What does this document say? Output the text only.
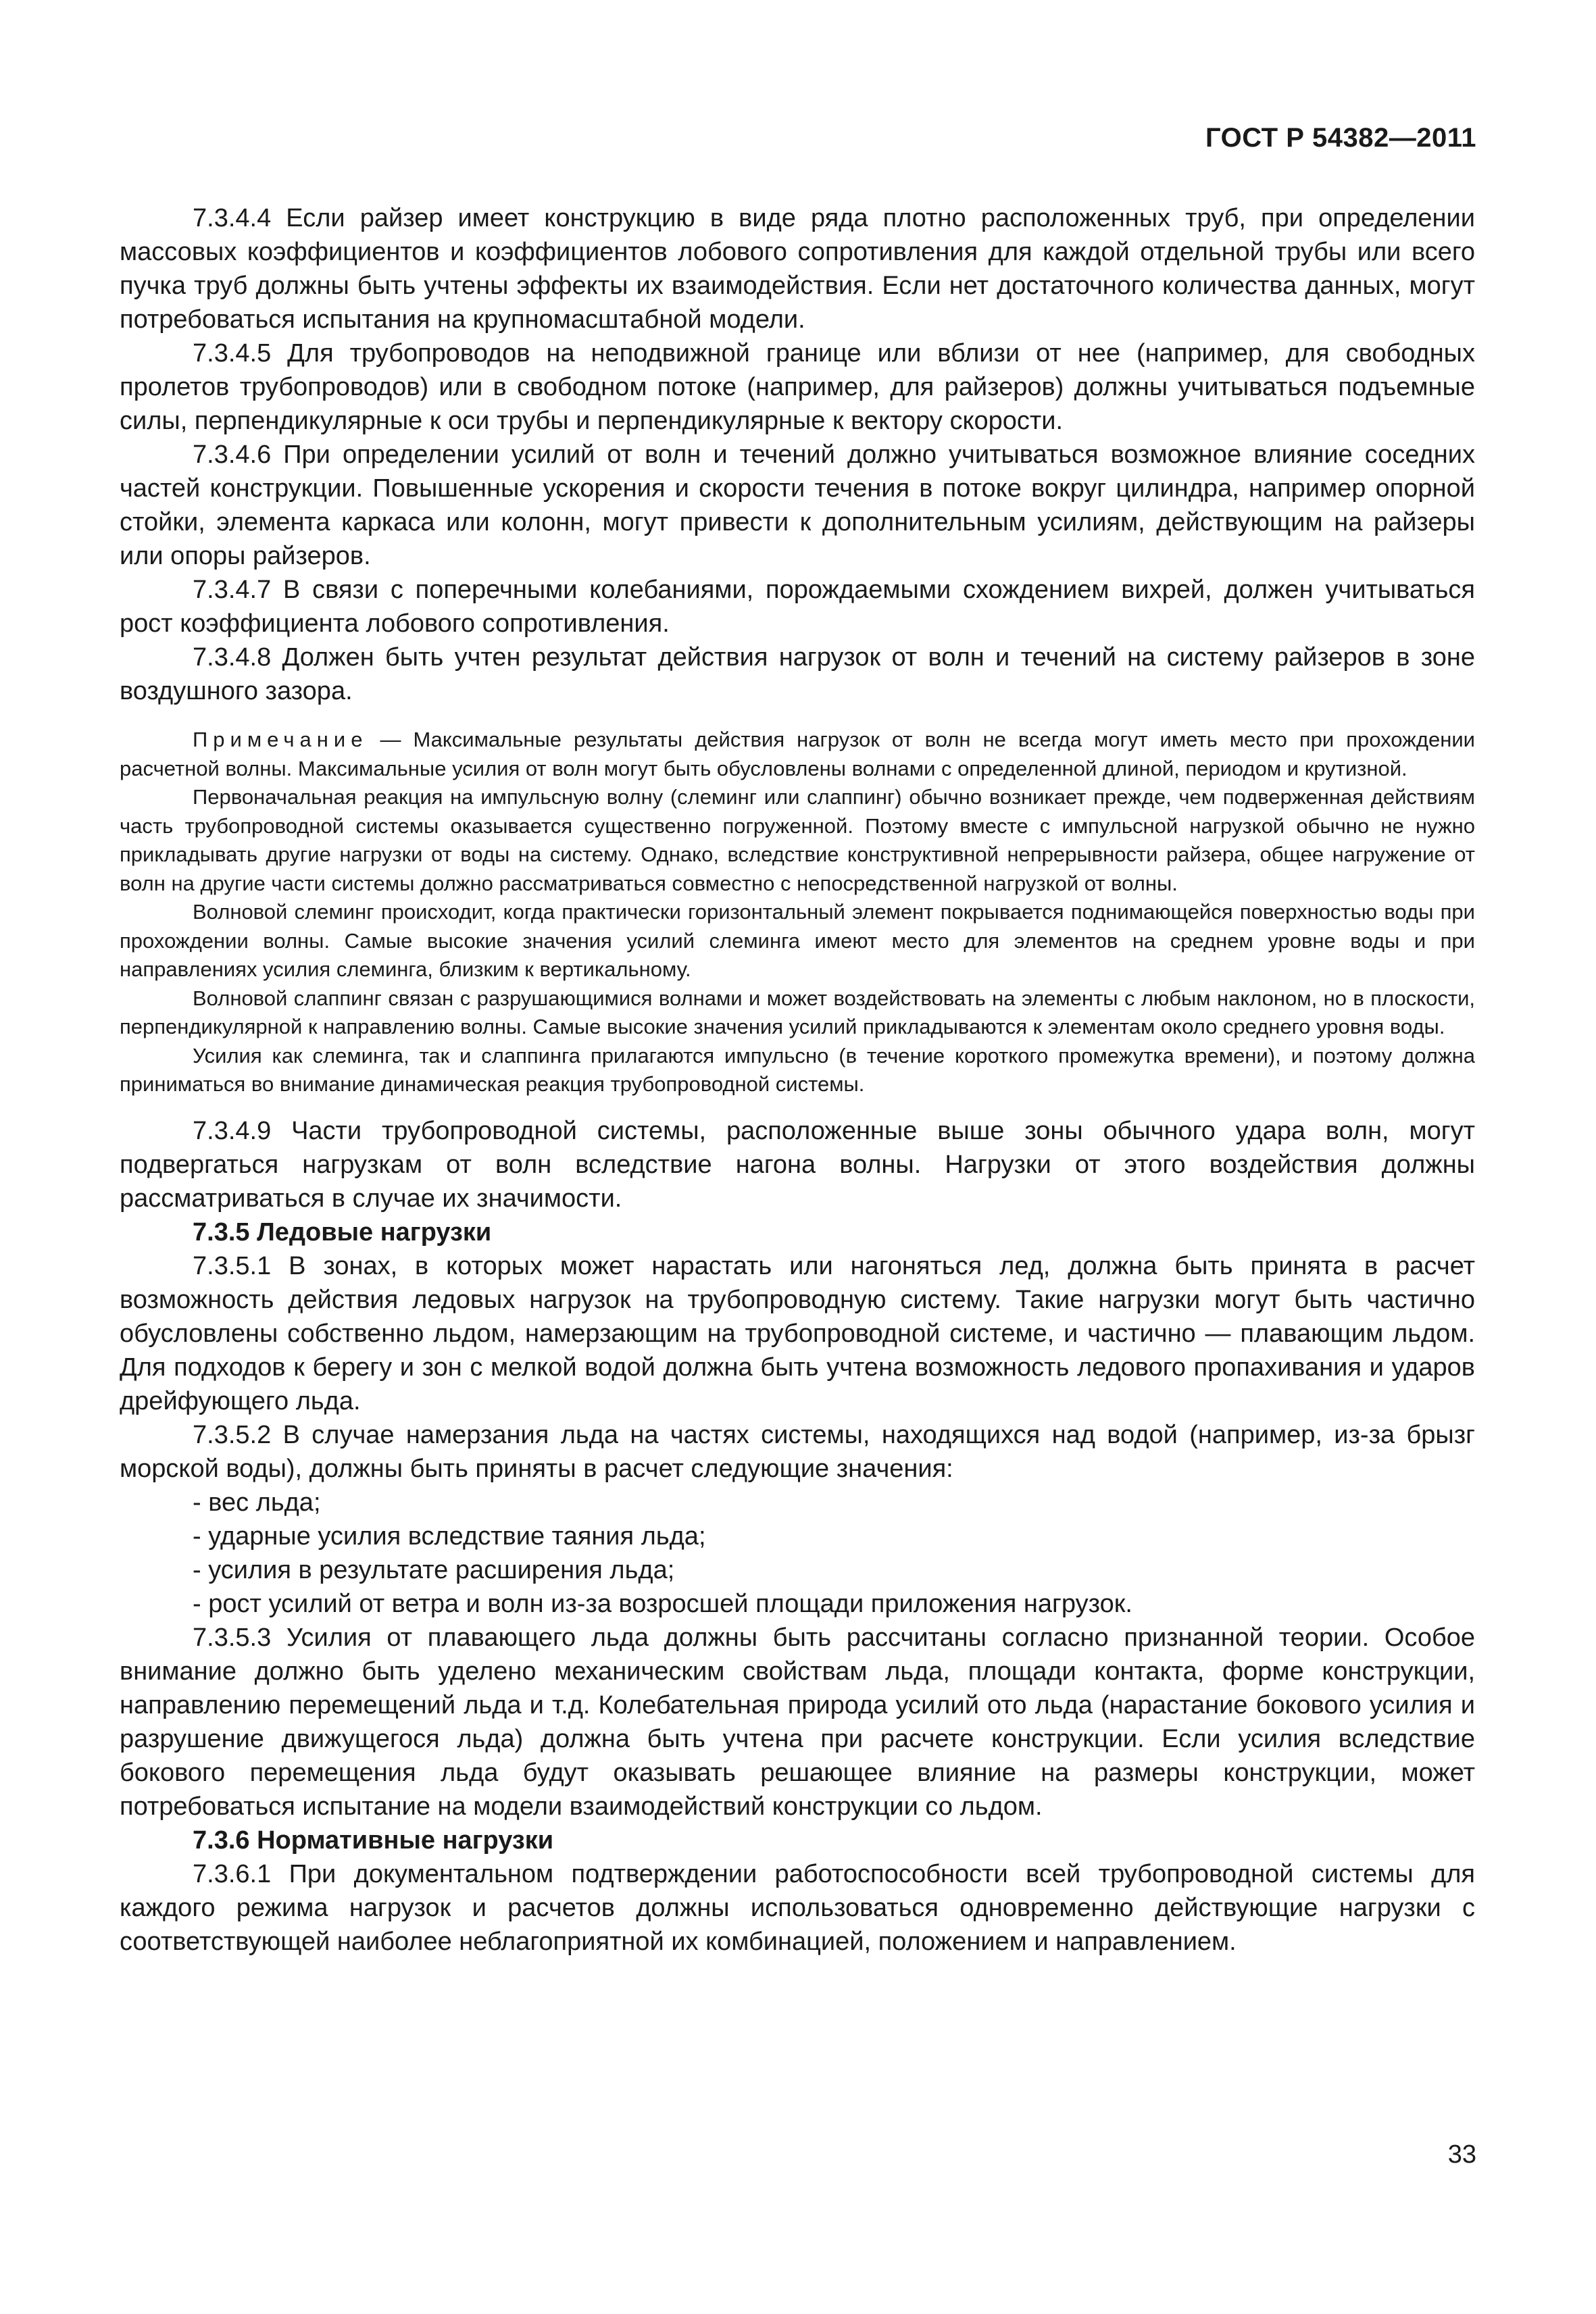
ГОСТ Р 54382—2011

7.3.4.4 Если райзер имеет конструкцию в виде ряда плотно расположенных труб, при определении массовых коэффициентов и коэффициентов лобового сопротивления для каждой отдельной трубы или всего пучка труб должны быть учтены эффекты их взаимодействия. Если нет достаточного количества данных, могут потребоваться испытания на крупномасштабной модели.

7.3.4.5 Для трубопроводов на неподвижной границе или вблизи от нее (например, для свободных пролетов трубопроводов) или в свободном потоке (например, для райзеров) должны учитываться подъемные силы, перпендикулярные к оси трубы и перпендикулярные к вектору скорости.

7.3.4.6 При определении усилий от волн и течений должно учитываться возможное влияние соседних частей конструкции. Повышенные ускорения и скорости течения в потоке вокруг цилиндра, например опорной стойки, элемента каркаса или колонн, могут привести к дополнительным усилиям, действующим на райзеры или опоры райзеров.

7.3.4.7 В связи с поперечными колебаниями, порождаемыми схождением вихрей, должен учитываться рост коэффициента лобового сопротивления.

7.3.4.8 Должен быть учтен результат действия нагрузок от волн и течений на систему райзеров в зоне воздушного зазора.

Примечание — Максимальные результаты действия нагрузок от волн не всегда могут иметь место при прохождении расчетной волны. Максимальные усилия от волн могут быть обусловлены волнами с определенной длиной, периодом и крутизной.

Первоначальная реакция на импульсную волну (слеминг или слаппинг) обычно возникает прежде, чем подверженная действиям часть трубопроводной системы оказывается существенно погруженной. Поэтому вместе с импульсной нагрузкой обычно не нужно прикладывать другие нагрузки от воды на систему. Однако, вследствие конструктивной непрерывности райзера, общее нагружение от волн на другие части системы должно рассматриваться совместно с непосредственной нагрузкой от волны.

Волновой слеминг происходит, когда практически горизонтальный элемент покрывается поднимающейся поверхностью воды при прохождении волны. Самые высокие значения усилий слеминга имеют место для элементов на среднем уровне воды и при направлениях усилия слеминга, близким к вертикальному.

Волновой слаппинг связан с разрушающимися волнами и может воздействовать на элементы с любым наклоном, но в плоскости, перпендикулярной к направлению волны. Самые высокие значения усилий прикладываются к элементам около среднего уровня воды.

Усилия как слеминга, так и слаппинга прилагаются импульсно (в течение короткого промежутка времени), и поэтому должна приниматься во внимание динамическая реакция трубопроводной системы.

7.3.4.9 Части трубопроводной системы, расположенные выше зоны обычного удара волн, могут подвергаться нагрузкам от волн вследствие нагона волны. Нагрузки от этого воздействия должны рассматриваться в случае их значимости.

7.3.5 Ледовые нагрузки

7.3.5.1 В зонах, в которых может нарастать или нагоняться лед, должна быть принята в расчет возможность действия ледовых нагрузок на трубопроводную систему. Такие нагрузки могут быть частично обусловлены собственно льдом, намерзающим на трубопроводной системе, и частично — плавающим льдом. Для подходов к берегу и зон с мелкой водой должна быть учтена возможность ледового пропахивания и ударов дрейфующего льда.

7.3.5.2 В случае намерзания льда на частях системы, находящихся над водой (например, из-за брызг морской воды), должны быть приняты в расчет следующие значения:

- вес льда;

- ударные усилия вследствие таяния льда;

- усилия в результате расширения льда;

- рост усилий от ветра и волн из-за возросшей площади приложения нагрузок.

7.3.5.3 Усилия от плавающего льда должны быть рассчитаны согласно признанной теории. Особое внимание должно быть уделено механическим свойствам льда, площади контакта, форме конструкции, направлению перемещений льда и т.д. Колебательная природа усилий ото льда (нарастание бокового усилия и разрушение движущегося льда) должна быть учтена при расчете конструкции. Если усилия вследствие бокового перемещения льда будут оказывать решающее влияние на размеры конструкции, может потребоваться испытание на модели взаимодействий конструкции со льдом.

7.3.6 Нормативные нагрузки

7.3.6.1 При документальном подтверждении работоспособности всей трубопроводной системы для каждого режима нагрузок и расчетов должны использоваться одновременно действующие нагрузки с соответствующей наиболее неблагоприятной их комбинацией, положением и направлением.

33
